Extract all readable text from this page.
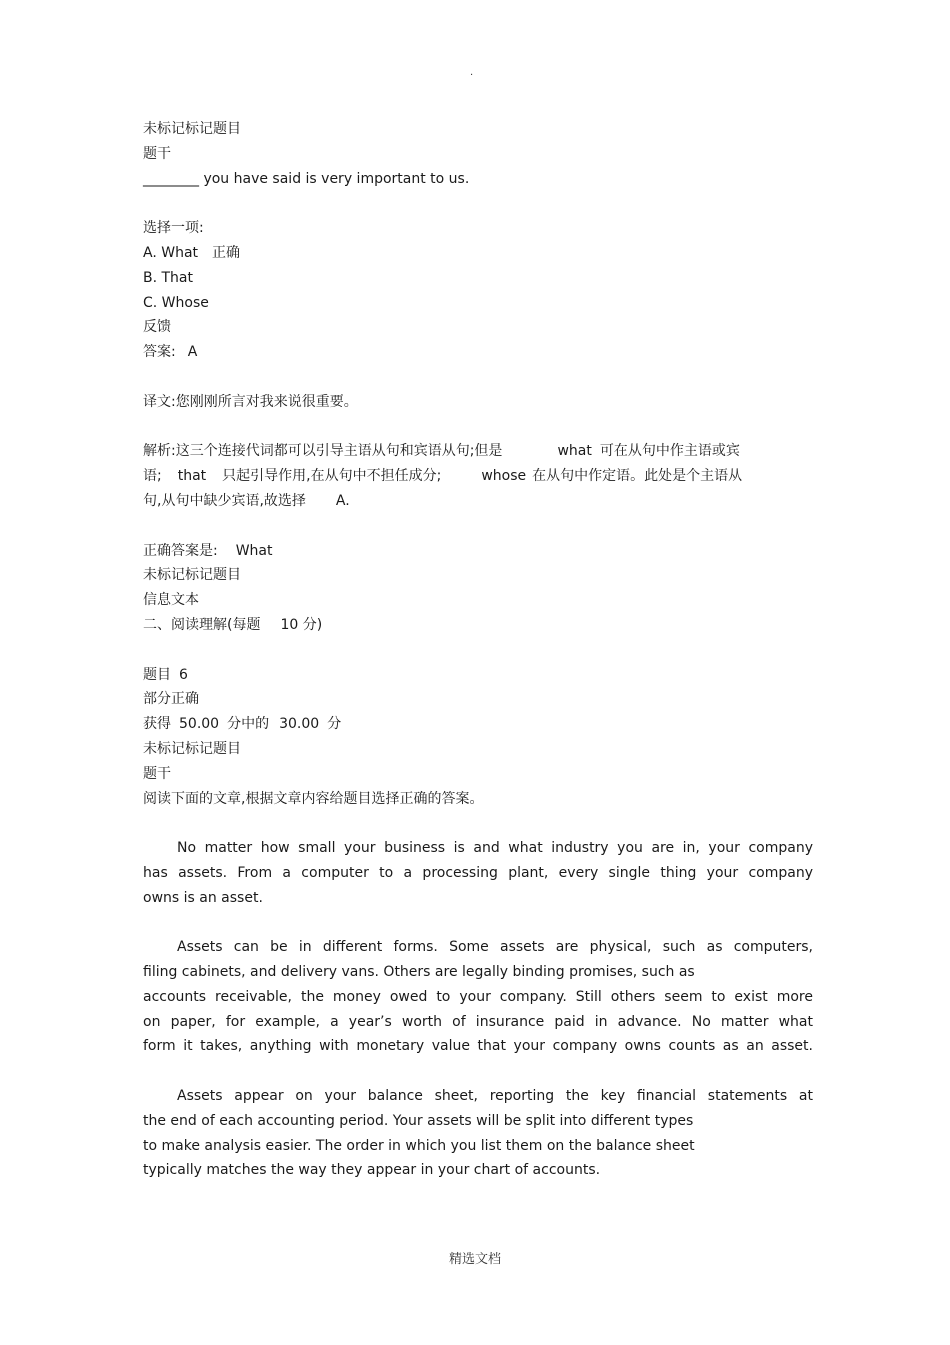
·
未标记标记题目
题干
________ you have said is very important to us.
选择一项:
A. What 正确
B. That
C. Whose
反馈
答案: A
译文:您刚刚所言对我来说很重要。
解析:这三个连接代词都可以引导主语从句和宾语从句;但是	what 可在从句中作主语或宾
语; that 只起引导作用,在从句中不担任成分;	whose 在从句中作定语。此处是个主语从
句,从句中缺少宾语,故选择 A.
正确答案是: What
未标记标记题目
信息文本
二、阅读理解(每题 10 分)
题目 6
部分正确
获得 50.00 分中的 30.00 分
未标记标记题目
题干
阅读下面的文章,根据文章内容给题目选择正确的答案。
No matter how small your business is and what industry you are in, your company
has assets. From a computer to a processing plant, every single thing your company
owns is an asset.
Assets can be in different forms. Some assets are physical, such as computers,
filing cabinets, and delivery vans. Others are legally binding promises, such as
accounts receivable, the money owed to your company. Still others seem to exist more
on paper, for example, a year’s worth of insurance paid in advance. No matter what
form it takes, anything with monetary value that your company owns counts as an asset.
Assets appear on your balance sheet, reporting the key financial statements at
the end of each accounting period. Your assets will be split into different types
to make analysis easier. The order in which you list them on the balance sheet
typically matches the way they appear in your chart of accounts.
精选文档
